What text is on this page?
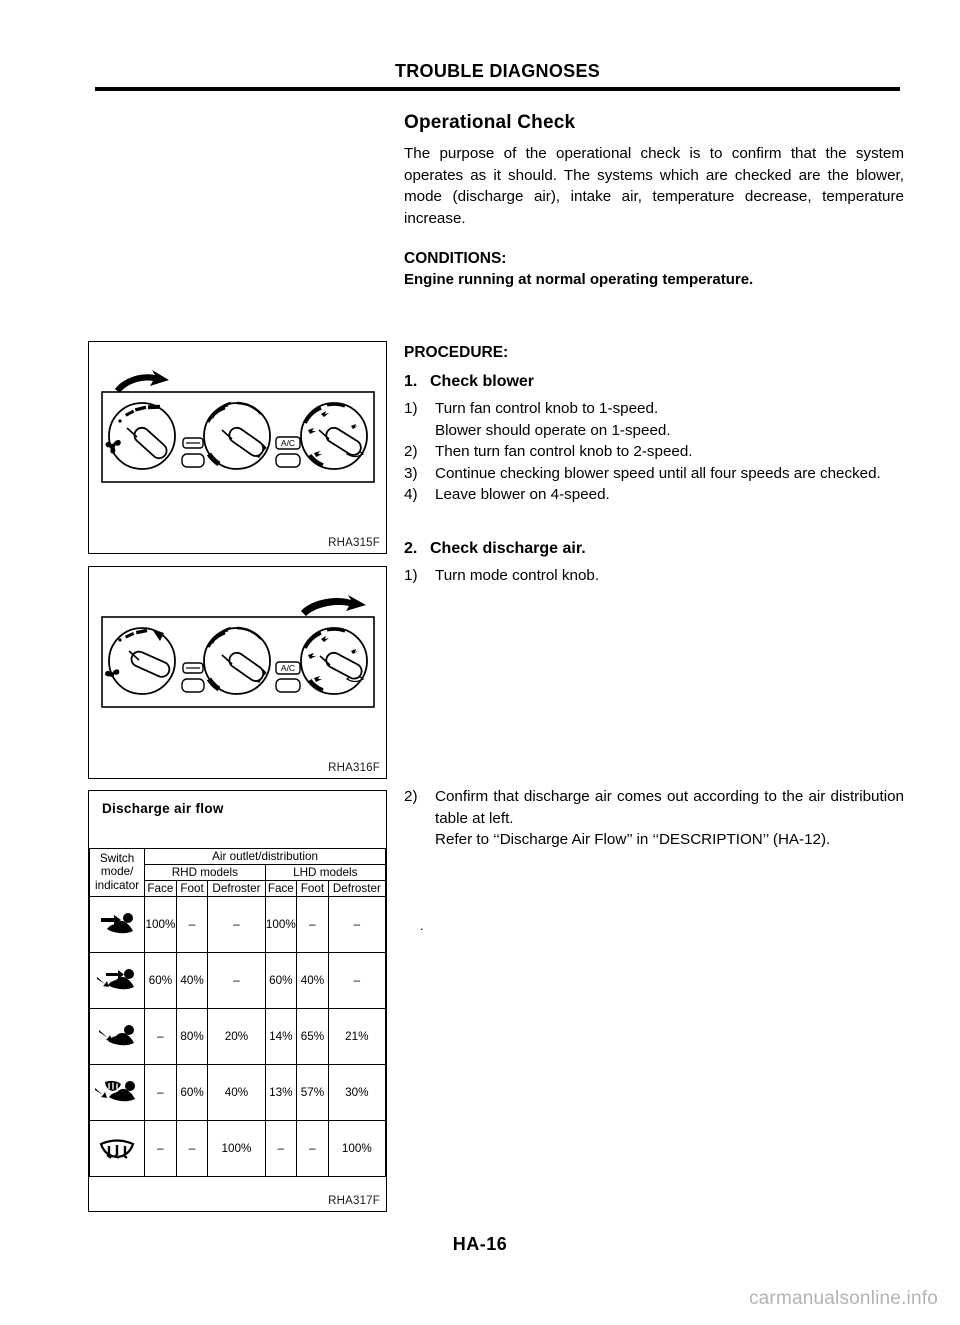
TROUBLE DIAGNOSES
Operational Check

The purpose of the operational check is to confirm that the system operates as it should. The systems which are checked are the blower, mode (discharge air), intake air, temperature decrease, temperature increase.

CONDITIONS:

Engine running at normal operating temperature.

PROCEDURE:
1. Check blower
1)	Turn fan control knob to 1-speed.
Blower should operate on 1-speed.
2)	Then turn fan control knob to 2-speed.
3)	Continue checking blower speed until all four speeds are checked.
4)	Leave blower on 4-speed.
2. Check discharge air.
1)	Turn mode control knob.
2)	Confirm that discharge air comes out according to the air distribution table at left.
Refer to ‘‘Discharge Air Flow’’ in ‘‘DESCRIPTION’’ (HA-12).
.
A/C
RHA315F
A/C
RHA316F
Discharge air flow
Switch mode/ indicator	Air outlet/distribution					
	RHD models			LHD models		
	Face	Foot	Defroster	Face	Foot	Defroster

	100%	–	–	100%	–	–

	60%	40%	–	60%	40%	–

	–	80%	20%	14%	65%	21%

	–	60%	40%	13%	57%	30%

	–	–	100%	–	–	100%
RHA317F
HA-16
carmanualsonline.info
